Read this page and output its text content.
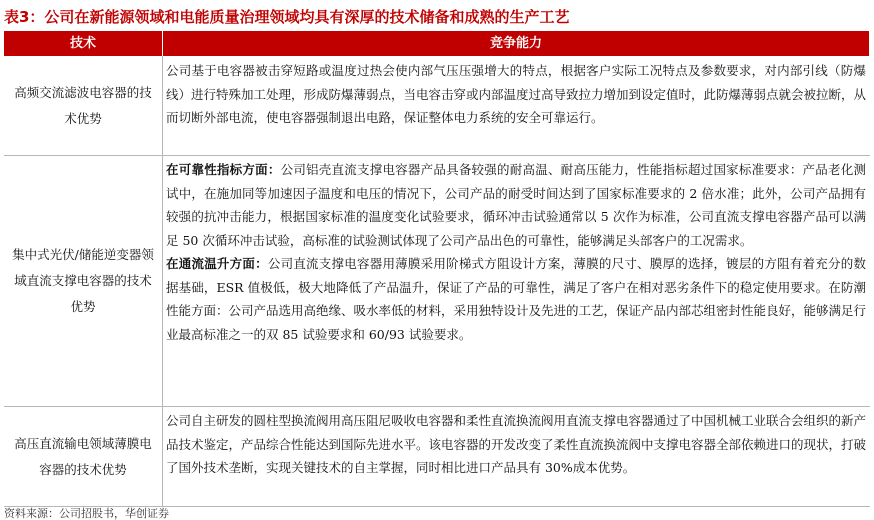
表3：公司在新能源领域和电能质量治理领域均具有深厚的技术储备和成熟的生产工艺
技术	竞争能力
高频交流滤波电容器的技术优势

公司基于电容器被击穿短路或温度过热会使内部气压压强增大的特点，根据客户实际工况特点及参数要求，对内部引线（防爆线）进行特殊加工处理，形成防爆薄弱点，当电容击穿或内部温度过高导致拉力增加到设定值时，此防爆薄弱点就会被拉断，从而切断外部电流，使电容器强制退出电路，保证整体电力系统的安全可靠运行。

集中式光伏/储能逆变器领域直流支撑电容器的技术优势

在可靠性指标方面：公司铝壳直流支撑电容器产品具备较强的耐高温、耐高压能力，性能指标超过国家标准要求：产品老化测试中，在施加同等加速因子温度和电压的情况下，公司产品的耐受时间达到了国家标准要求的 2 倍水准；此外，公司产品拥有较强的抗冲击能力，根据国家标准的温度变化试验要求，循环冲击试验通常以 5 次作为标准，公司直流支撑电容器产品可以满足 50 次循环冲击试验，高标准的试验测试体现了公司产品出色的可靠性，能够满足头部客户的工况需求。

在通流温升方面：公司直流支撑电容器用薄膜采用阶梯式方阻设计方案，薄膜的尺寸、膜厚的选择，镀层的方阻有着充分的数据基础，ESR 值极低，极大地降低了产品温升，保证了产品的可靠性，满足了客户在相对恶劣条件下的稳定使用要求。在防潮性能方面：公司产品选用高绝缘、吸水率低的材料，采用独特设计及先进的工艺，保证产品内部芯组密封性能良好，能够满足行业最高标准之一的双 85 试验要求和 60/93 试验要求。

高压直流输电领域薄膜电容器的技术优势

公司自主研发的圆柱型换流阀用高压阻尼吸收电容器和柔性直流换流阀用直流支撑电容器通过了中国机械工业联合会组织的新产品技术鉴定，产品综合性能达到国际先进水平。该电容器的开发改变了柔性直流换流阀中支撑电容器全部依赖进口的现状，打破了国外技术垄断，实现关键技术的自主掌握，同时相比进口产品具有 30%成本优势。

资料来源：公司招股书，华创证券
